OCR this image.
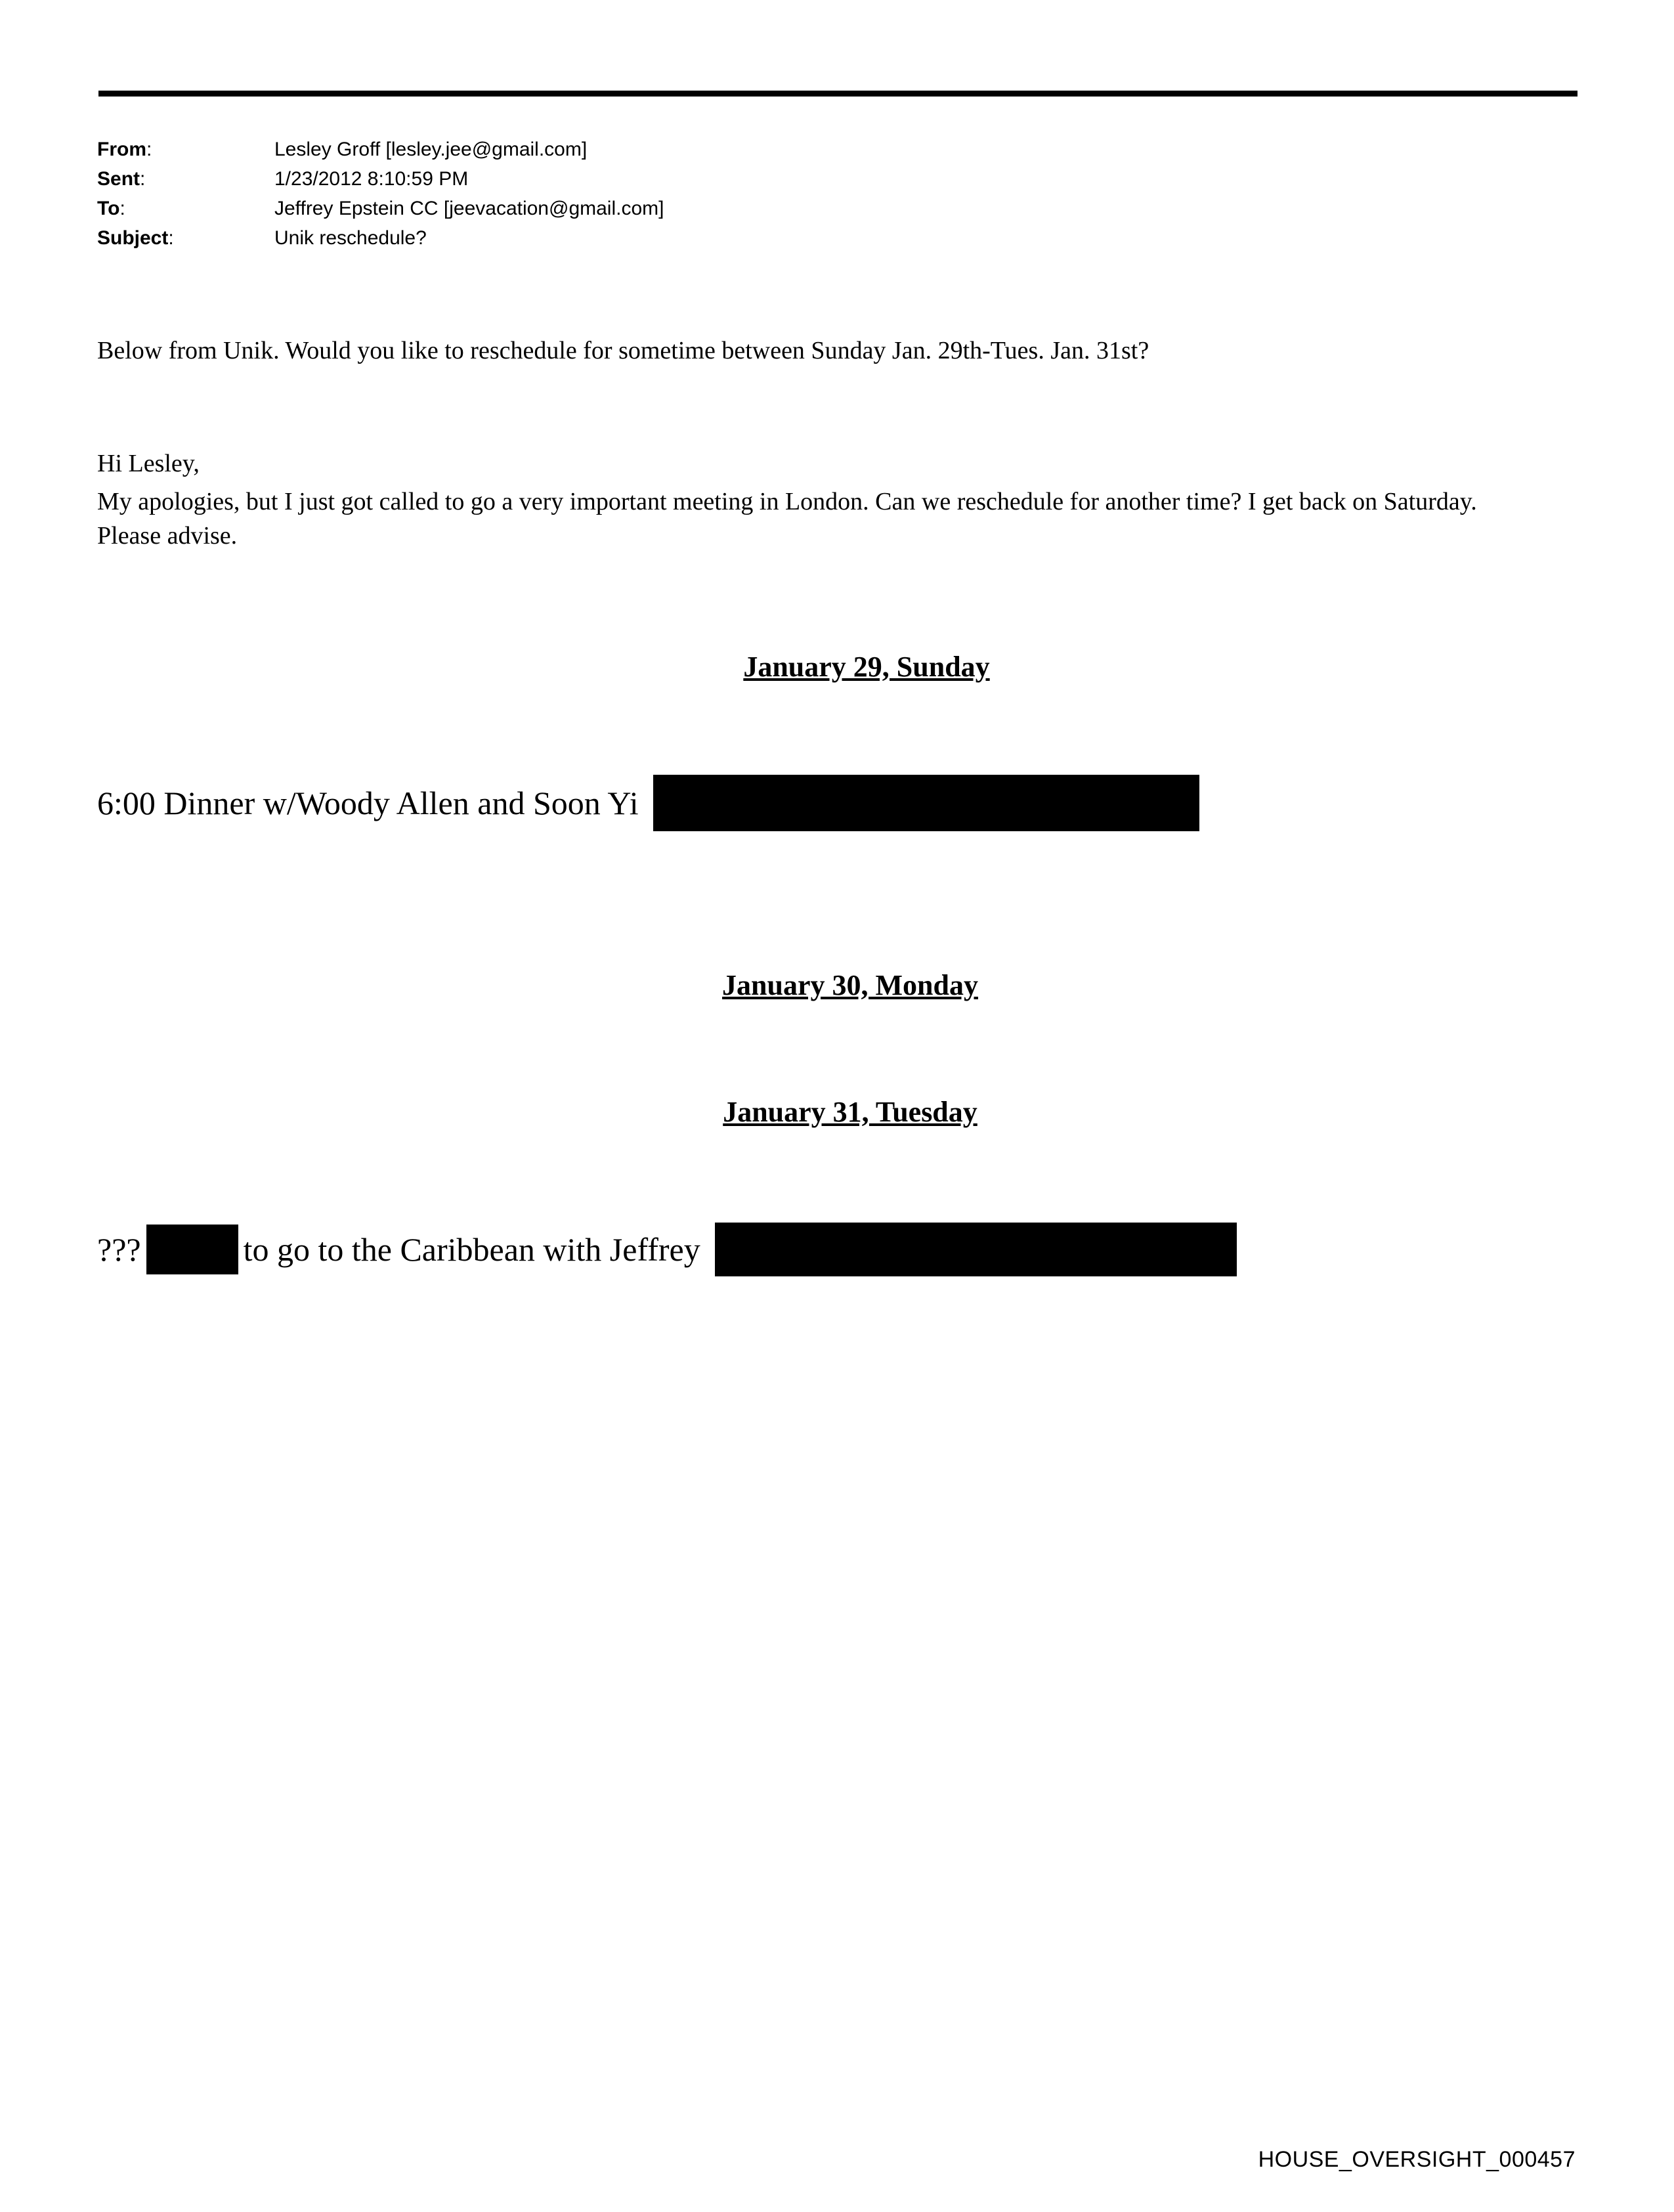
From:	Lesley Groff [lesley.jee@gmail.com]
Sent:	1/23/2012 8:10:59 PM
To:	Jeffrey Epstein CC [jeevacation@gmail.com]
Subject:	Unik reschedule?
Below from Unik. Would you like to reschedule for sometime between Sunday Jan. 29th-Tues. Jan. 31st?
Hi Lesley,
My apologies, but I just got called to go a very important meeting in London. Can we reschedule for another time? I get back on Saturday. Please advise.
January 29, Sunday
6:00 Dinner w/Woody Allen and Soon Yi
January 30, Monday
January 31, Tuesday
???	to go to the Caribbean with Jeffrey
HOUSE_OVERSIGHT_000457
